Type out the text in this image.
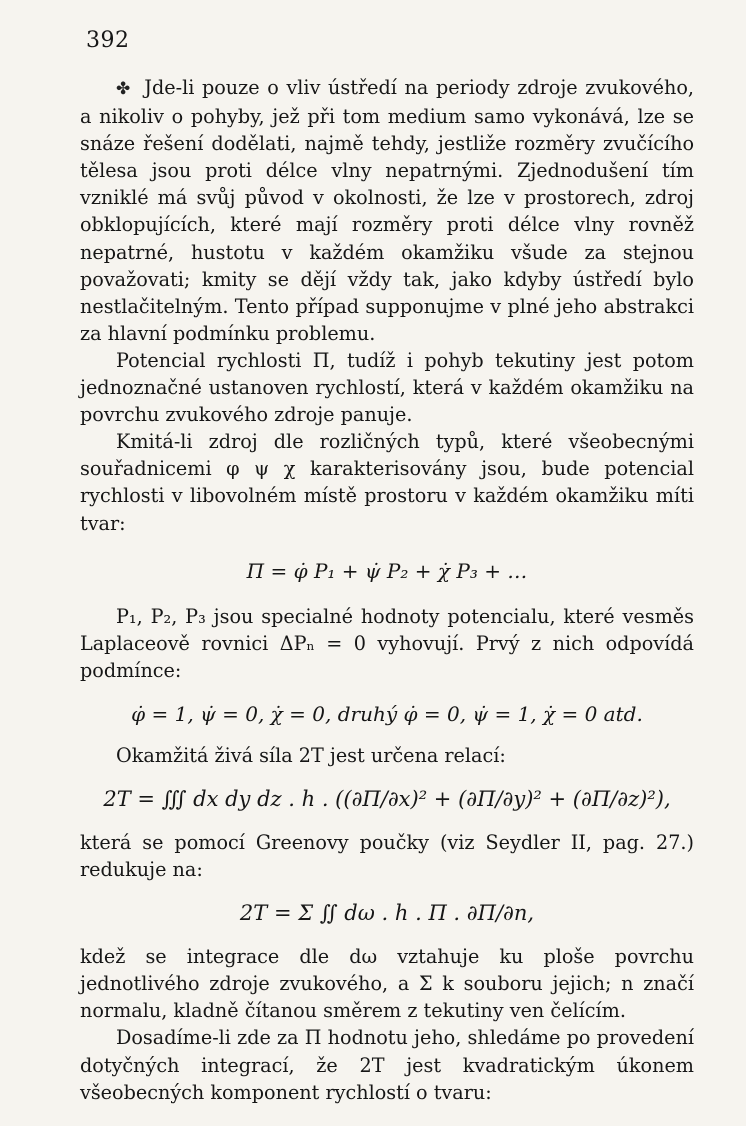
392

✤ Jde-li pouze o vliv ústředí na periody zdroje zvukového, a nikoliv o pohyby, jež při tom medium samo vykonává, lze se snáze řešení dodělati, najmě tehdy, jestliže rozměry zvučícího tělesa jsou proti délce vlny nepatrnými. Zjednodušení tím vzniklé má svůj původ v okolnosti, že lze v prostorech, zdroj obklopujících, které mají rozměry proti délce vlny rovněž nepatrné, hustotu v každém okamžiku všude za stejnou považovati; kmity se dějí vždy tak, jako kdyby ústředí bylo nestlačitelným. Tento případ supponujme v plné jeho abstrakci za hlavní podmínku problemu.

Potencial rychlosti Π, tudíž i pohyb tekutiny jest potom jednoznačné ustanoven rychlostí, která v každém okamžiku na povrchu zvukového zdroje panuje.

Kmitá-li zdroj dle rozličných typů, které všeobecnými souřadnicemi φ ψ χ karakterisovány jsou, bude potencial rychlosti v libovolném místě prostoru v každém okamžiku míti tvar:

Π = φ̇ P₁ + ψ̇ P₂ + χ̇ P₃ + …

P₁, P₂, P₃ jsou specialné hodnoty potencialu, které vesměs Laplaceově rovnici ΔPₙ = 0 vyhovují. Prvý z nich odpovídá podmínce:

φ̇ = 1, ψ̇ = 0, χ̇ = 0, druhý φ̇ = 0, ψ̇ = 1, χ̇ = 0 atd.

Okamžitá živá síla 2T jest určena relací:

2T = ∭ dx dy dz . h . ((∂Π/∂x)² + (∂Π/∂y)² + (∂Π/∂z)²),

která se pomocí Greenovy poučky (viz Seydler II, pag. 27.) redukuje na:

2T = Σ ∬ dω . h . Π . ∂Π/∂n,

kdež se integrace dle dω vztahuje ku ploše povrchu jednotlivého zdroje zvukového, a Σ k souboru jejich; n značí normalu, kladně čítanou směrem z tekutiny ven čelícím.

Dosadíme-li zde za Π hodnotu jeho, shledáme po provedení dotyčných integrací, že 2T jest kvadratickým úkonem všeobecných komponent rychlostí o tvaru:
